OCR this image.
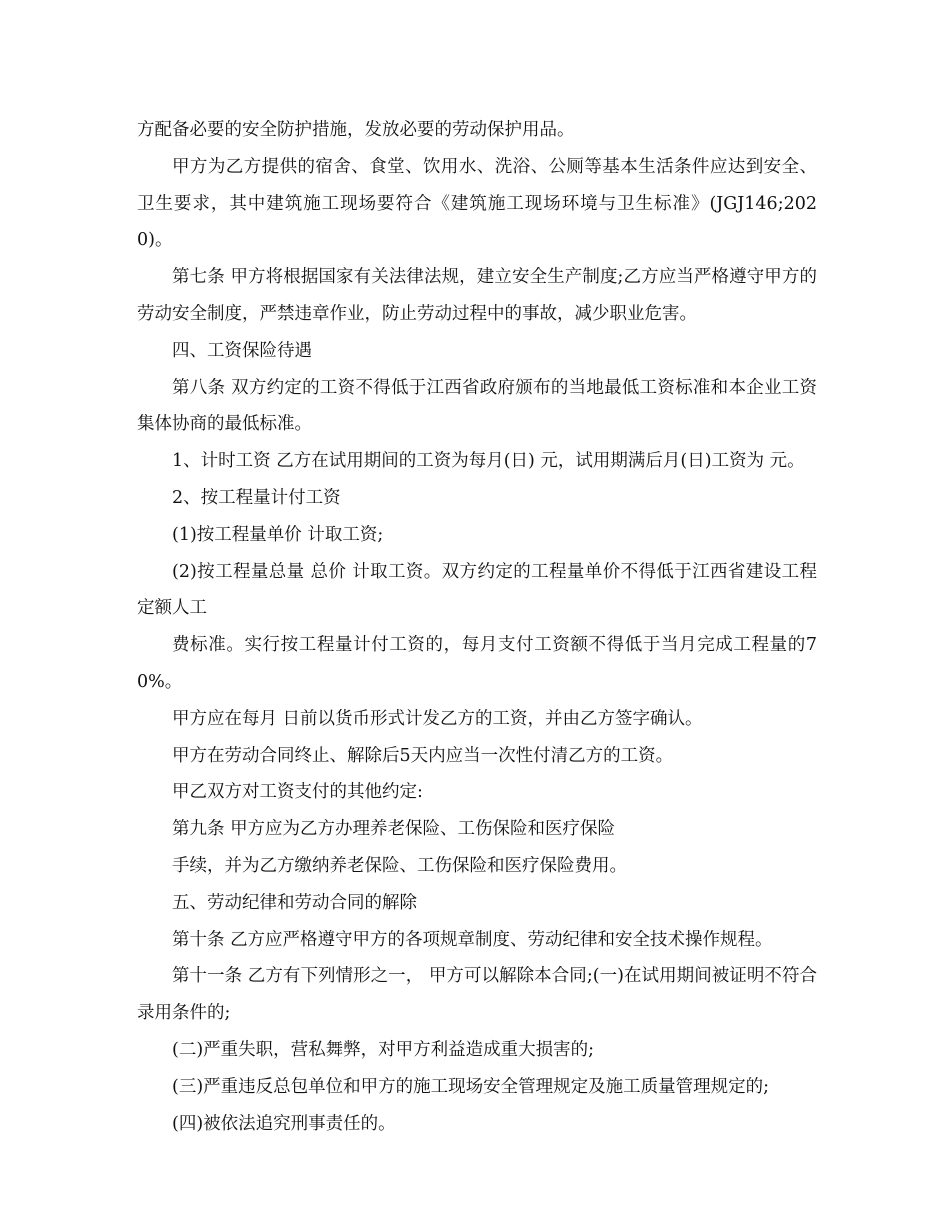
方配备必要的安全防护措施，发放必要的劳动保护用品。

甲方为乙方提供的宿舍、食堂、饮用水、洗浴、公厕等基本生活条件应达到安全、卫生要求，其中建筑施工现场要符合《建筑施工现场环境与卫生标准》(JGJ146;2020)。

第七条 甲方将根据国家有关法律法规，建立安全生产制度;乙方应当严格遵守甲方的劳动安全制度，严禁违章作业，防止劳动过程中的事故，减少职业危害。

四、工资保险待遇

第八条 双方约定的工资不得低于江西省政府颁布的当地最低工资标准和本企业工资集体协商的最低标准。

1、计时工资 乙方在试用期间的工资为每月(日) 元，试用期满后月(日)工资为 元。

2、按工程量计付工资

(1)按工程量单价 计取工资;

(2)按工程量总量 总价 计取工资。双方约定的工程量单价不得低于江西省建设工程定额人工

费标准。实行按工程量计付工资的，每月支付工资额不得低于当月完成工程量的70%。

甲方应在每月 日前以货币形式计发乙方的工资，并由乙方签字确认。

甲方在劳动合同终止、解除后5天内应当一次性付清乙方的工资。

甲乙双方对工资支付的其他约定:

第九条 甲方应为乙方办理养老保险、工伤保险和医疗保险

手续，并为乙方缴纳养老保险、工伤保险和医疗保险费用。

五、劳动纪律和劳动合同的解除

第十条 乙方应严格遵守甲方的各项规章制度、劳动纪律和安全技术操作规程。

第十一条 乙方有下列情形之一， 甲方可以解除本合同;(一)在试用期间被证明不符合录用条件的;

(二)严重失职，营私舞弊，对甲方利益造成重大损害的;

(三)严重违反总包单位和甲方的施工现场安全管理规定及施工质量管理规定的;

(四)被依法追究刑事责任的。
